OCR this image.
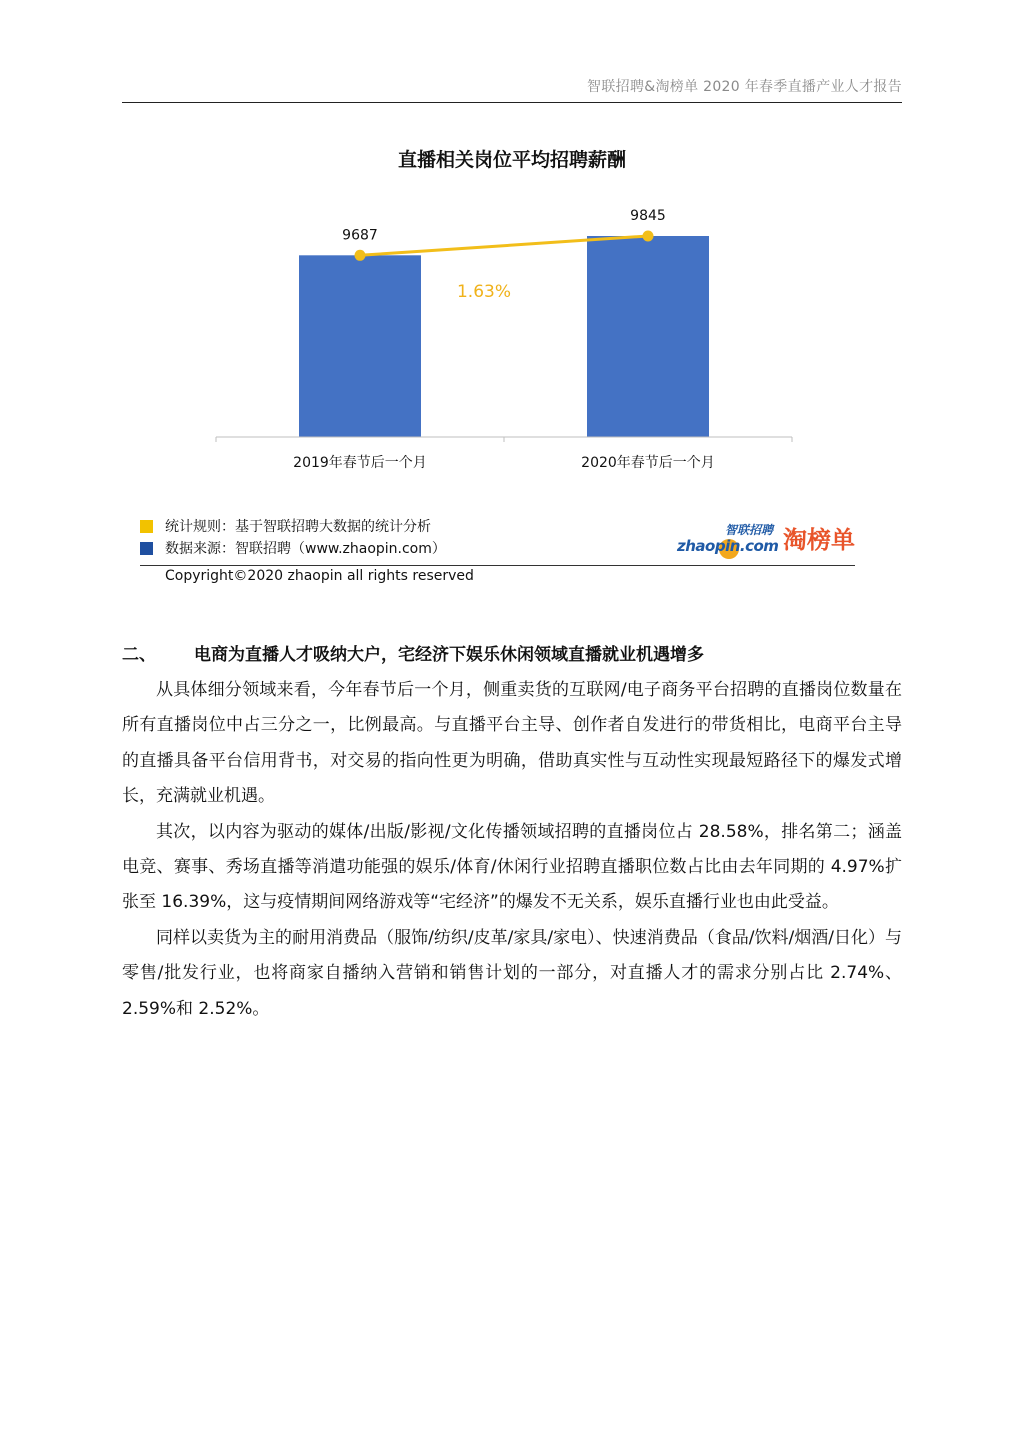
智联招聘&淘榜单 2020 年春季直播产业人才报告
直播相关岗位平均招聘薪酬
2019年春节后一个月	2020年春节后一个月
9687
9845
1.63%
统计规则：基于智联招聘大数据的统计分析
数据来源：智联招聘（www.zhaopin.com）
智联招聘
zhaopin.com 淘榜单
Copyright©2020 zhaopin all rights reserved
二、 电商为直播人才吸纳大户，宅经济下娱乐休闲领域直播就业机遇增多

从具体细分领域来看，今年春节后一个月，侧重卖货的互联网/电子商务平台招聘的直播岗位数量在所有直播岗位中占三分之一，比例最高。与直播平台主导、创作者自发进行的带货相比，电商平台主导的直播具备平台信用背书，对交易的指向性更为明确，借助真实性与互动性实现最短路径下的爆发式增长，充满就业机遇。

其次，以内容为驱动的媒体/出版/影视/文化传播领域招聘的直播岗位占 28.58%，排名第二；涵盖电竞、赛事、秀场直播等消遣功能强的娱乐/体育/休闲行业招聘直播职位数占比由去年同期的 4.97%扩张至 16.39%，这与疫情期间网络游戏等“宅经济”的爆发不无关系，娱乐直播行业也由此受益。

同样以卖货为主的耐用消费品（服饰/纺织/皮革/家具/家电）、快速消费品（食品/饮料/烟酒/日化）与零售/批发行业，也将商家自播纳入营销和销售计划的一部分，对直播人才的需求分别占比 2.74%、2.59%和 2.52%。
